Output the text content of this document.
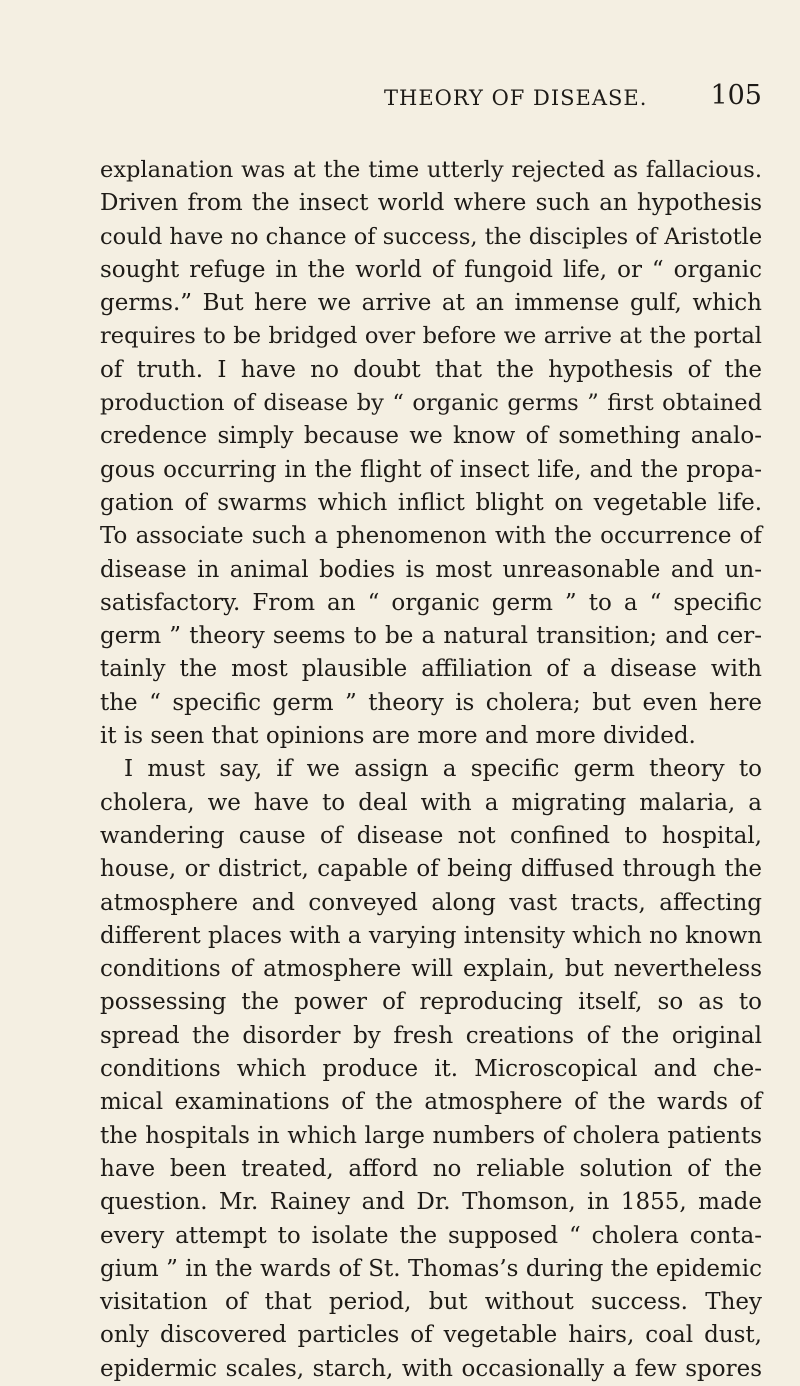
THEORY OF DISEASE. 105
explanation was at the time utterly rejected as fallacious.
Driven from the insect world where such an hypothesis
could have no chance of success, the disciples of Aristotle
sought refuge in the world of fungoid life, or “ organic
germs.” But here we arrive at an immense gulf, which
requires to be bridged over before we arrive at the portal
of truth. I have no doubt that the hypothesis of the
production of disease by “ organic germs ” first obtained
credence simply because we know of something analo-
gous occurring in the flight of insect life, and the propa-
gation of swarms which inflict blight on vegetable life.
To associate such a phenomenon with the occurrence of
disease in animal bodies is most unreasonable and un-
satisfactory. From an “ organic germ ” to a “ specific
germ ” theory seems to be a natural transition; and cer-
tainly the most plausible affiliation of a disease with
the “ specific germ ” theory is cholera; but even here
it is seen that opinions are more and more divided.
I must say, if we assign a specific germ theory to
cholera, we have to deal with a migrating malaria, a
wandering cause of disease not confined to hospital,
house, or district, capable of being diffused through the
atmosphere and conveyed along vast tracts, affecting
different places with a varying intensity which no known
conditions of atmosphere will explain, but nevertheless
possessing the power of reproducing itself, so as to
spread the disorder by fresh creations of the original
conditions which produce it. Microscopical and che-
mical examinations of the atmosphere of the wards of
the hospitals in which large numbers of cholera patients
have been treated, afford no reliable solution of the
question. Mr. Rainey and Dr. Thomson, in 1855, made
every attempt to isolate the supposed “ cholera conta-
gium ” in the wards of St. Thomas’s during the epidemic
visitation of that period, but without success. They
only discovered particles of vegetable hairs, coal dust,
epidermic scales, starch, with occasionally a few spores
